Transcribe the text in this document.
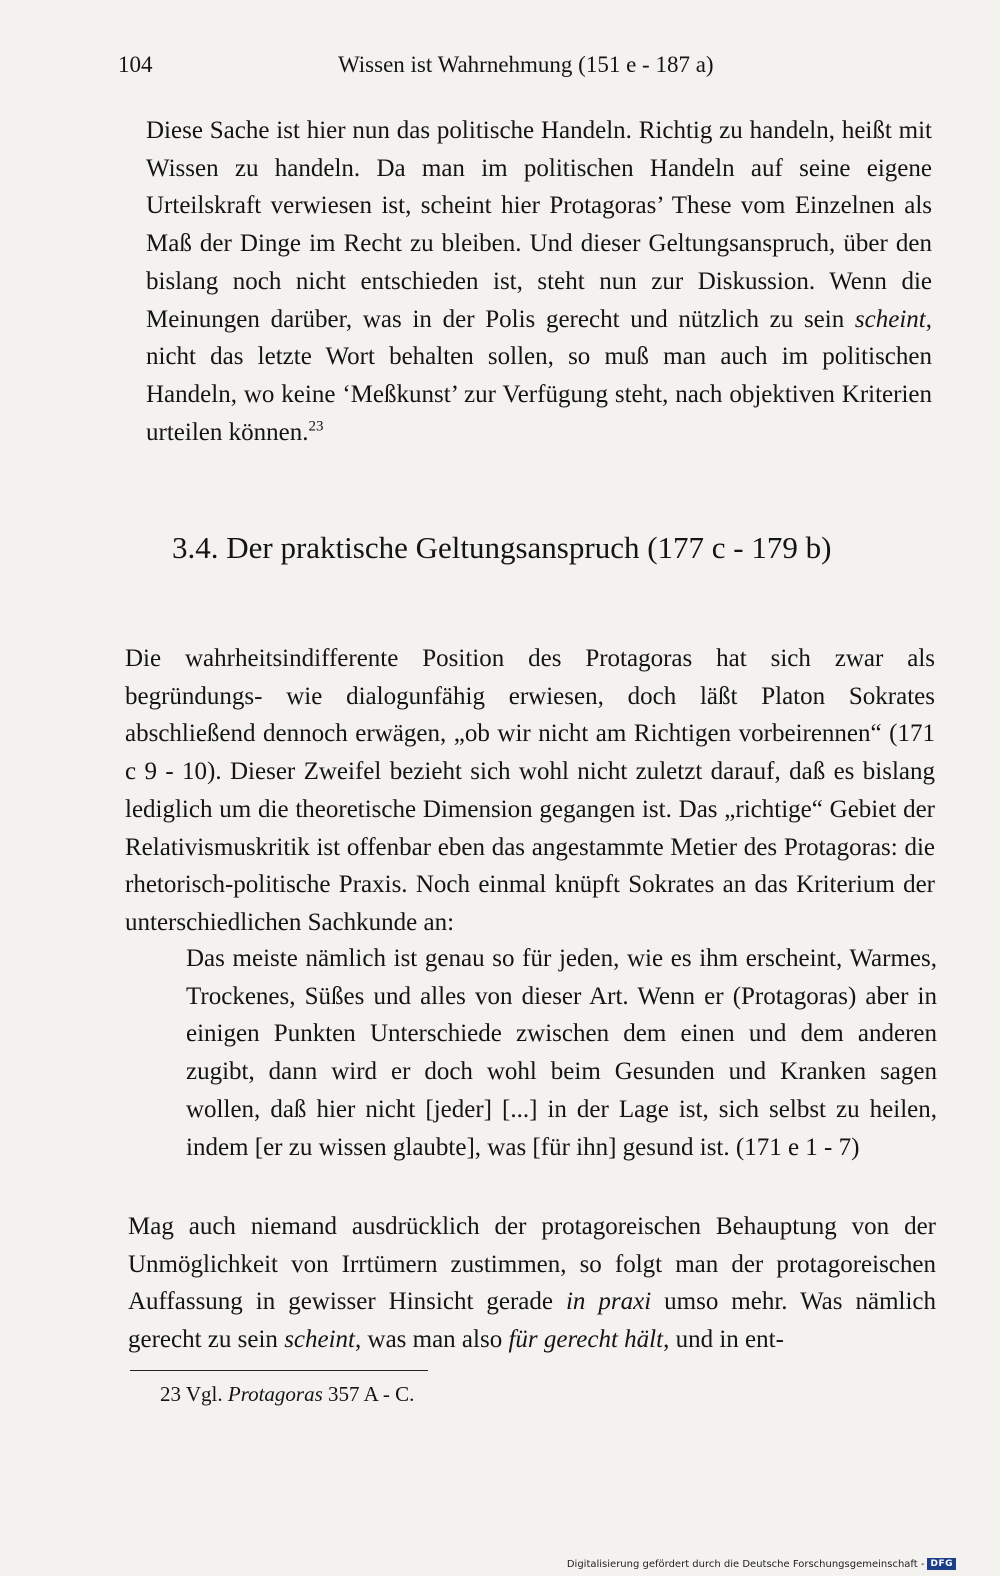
104	Wissen ist Wahrnehmung (151 e - 187 a)
Diese Sache ist hier nun das politische Handeln. Richtig zu handeln, heißt mit Wissen zu handeln. Da man im politischen Handeln auf seine eigene Urteilskraft verwiesen ist, scheint hier Protagoras’ These vom Einzelnen als Maß der Dinge im Recht zu bleiben. Und dieser Geltungsanspruch, über den bislang noch nicht entschieden ist, steht nun zur Diskussion. Wenn die Meinungen darüber, was in der Polis gerecht und nützlich zu sein scheint, nicht das letzte Wort behalten sollen, so muß man auch im politischen Handeln, wo keine ‘Meßkunst’ zur Verfügung steht, nach objektiven Kriterien urteilen können.$^{23}$
3.4. Der praktische Geltungsanspruch (177 c - 179 b)
Die wahrheitsindifferente Position des Protagoras hat sich zwar als begründungs- wie dialogunfähig erwiesen, doch läßt Platon Sokrates abschließend dennoch erwägen, „ob wir nicht am Richtigen vorbeirennen“ (171 c 9 - 10). Dieser Zweifel bezieht sich wohl nicht zuletzt darauf, daß es bislang lediglich um die theoretische Dimension gegangen ist. Das „richtige“ Gebiet der Relativismuskritik ist offenbar eben das angestammte Metier des Protagoras: die rhetorisch-politische Praxis. Noch einmal knüpft Sokrates an das Kriterium der unterschiedlichen Sachkunde an:
Das meiste nämlich ist genau so für jeden, wie es ihm erscheint, Warmes, Trockenes, Süßes und alles von dieser Art. Wenn er (Protagoras) aber in einigen Punkten Unterschiede zwischen dem einen und dem anderen zugibt, dann wird er doch wohl beim Gesunden und Kranken sagen wollen, daß hier nicht [jeder] [...] in der Lage ist, sich selbst zu heilen, indem [er zu wissen glaubte], was [für ihn] gesund ist. (171 e 1 - 7)
Mag auch niemand ausdrücklich der protagoreischen Behauptung von der Unmöglichkeit von Irrtümern zustimmen, so folgt man der protagoreischen Auffassung in gewisser Hinsicht gerade in praxi umso mehr. Was nämlich gerecht zu sein scheint, was man also für gerecht hält, und in ent-
23 Vgl. Protagoras 357 A - C.
Digitalisierung gefördert durch die Deutsche Forschungsgemeinschaft - DFG
